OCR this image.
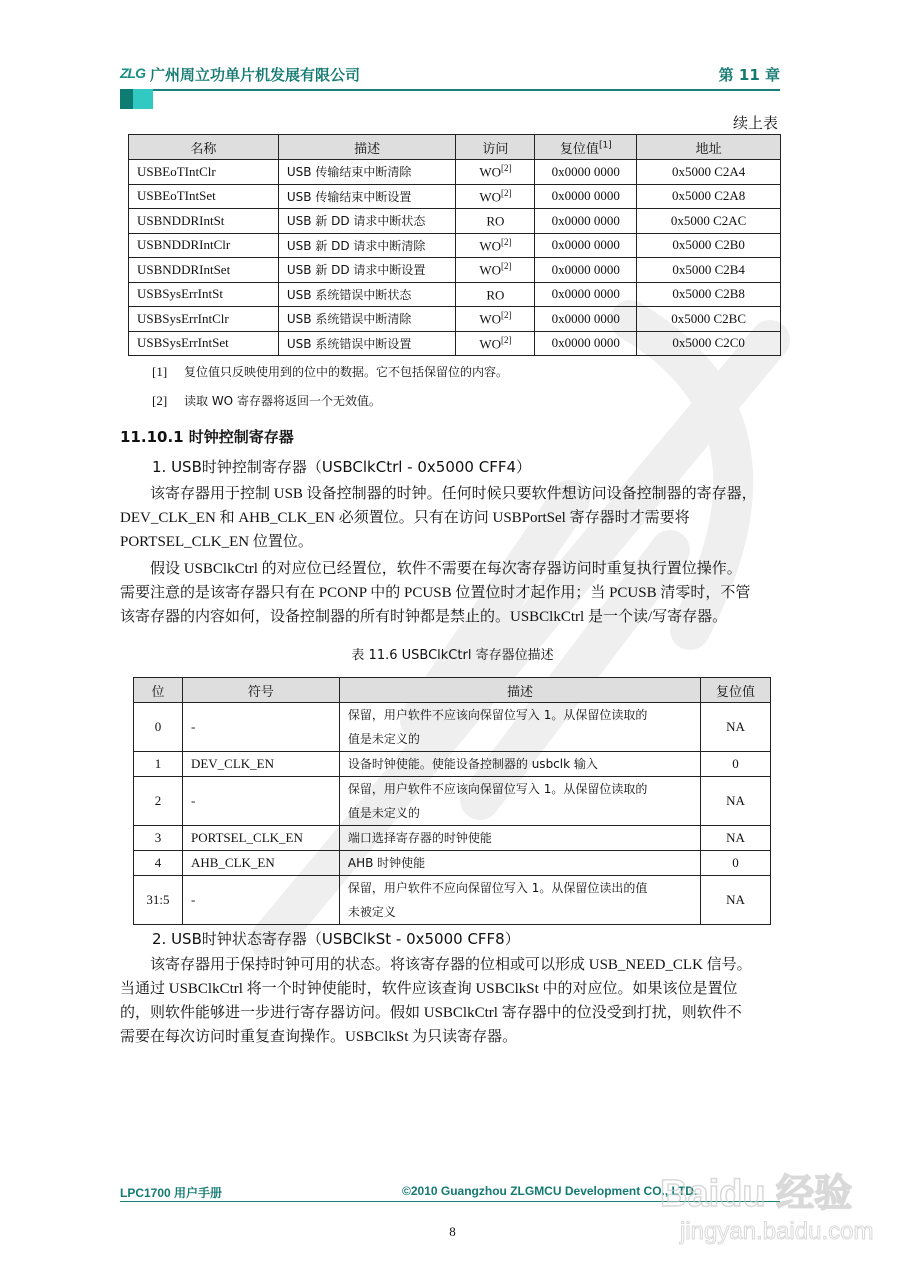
ZLG 广州周立功单片机发展有限公司	第 11 章
续上表
名称	描述	访问	复位值[1]	地址
USBEoTIntClr	USB 传输结束中断清除	WO[2]	0x0000 0000	0x5000 C2A4
USBEoTIntSet	USB 传输结束中断设置	WO[2]	0x0000 0000	0x5000 C2A8
USBNDDRIntSt	USB 新 DD 请求中断状态	RO	0x0000 0000	0x5000 C2AC
USBNDDRIntClr	USB 新 DD 请求中断清除	WO[2]	0x0000 0000	0x5000 C2B0
USBNDDRIntSet	USB 新 DD 请求中断设置	WO[2]	0x0000 0000	0x5000 C2B4
USBSysErrIntSt	USB 系统错误中断状态	RO	0x0000 0000	0x5000 C2B8
USBSysErrIntClr	USB 系统错误中断清除	WO[2]	0x0000 0000	0x5000 C2BC
USBSysErrIntSet	USB 系统错误中断设置	WO[2]	0x0000 0000	0x5000 C2C0
[1] 复位值只反映使用到的位中的数据。它不包括保留位的内容。
[2] 读取 WO 寄存器将返回一个无效值。
11.10.1 时钟控制寄存器
1. USB时钟控制寄存器（USBClkCtrl - 0x5000 CFF4）
该寄存器用于控制 USB 设备控制器的时钟。任何时候只要软件想访问设备控制器的寄存器，
DEV_CLK_EN 和 AHB_CLK_EN 必须置位。只有在访问 USBPortSel 寄存器时才需要将
PORTSEL_CLK_EN 位置位。
假设 USBClkCtrl 的对应位已经置位，软件不需要在每次寄存器访问时重复执行置位操作。
需要注意的是该寄存器只有在 PCONP 中的 PCUSB 位置位时才起作用；当 PCUSB 清零时，不管
该寄存器的内容如何，设备控制器的所有时钟都是禁止的。USBClkCtrl 是一个读/写寄存器。
表 11.6 USBClkCtrl 寄存器位描述
位	符号	描述	复位值
0	-	保留，用户软件不应该向保留位写入 1。从保留位读取的
值是未定义的	NA
1	DEV_CLK_EN	设备时钟使能。使能设备控制器的 usbclk 输入	0
2	-	保留，用户软件不应该向保留位写入 1。从保留位读取的
值是未定义的	NA
3	PORTSEL_CLK_EN	端口选择寄存器的时钟使能	NA
4	AHB_CLK_EN	AHB 时钟使能	0
31:5	-	保留，用户软件不应向保留位写入 1。从保留位读出的值
未被定义	NA
2. USB时钟状态寄存器（USBClkSt - 0x5000 CFF8）
该寄存器用于保持时钟可用的状态。将该寄存器的位相或可以形成 USB_NEED_CLK 信号。
当通过 USBClkCtrl 将一个时钟使能时，软件应该查询 USBClkSt 中的对应位。如果该位是置位
的，则软件能够进一步进行寄存器访问。假如 USBClkCtrl 寄存器中的位没受到打扰，则软件不
需要在每次访问时重复查询操作。USBClkSt 为只读寄存器。
LPC1700 用户手册	©2010 Guangzhou ZLGMCU Development CO., LTD.
8
Baidu 经验
jingyan.baidu.com
